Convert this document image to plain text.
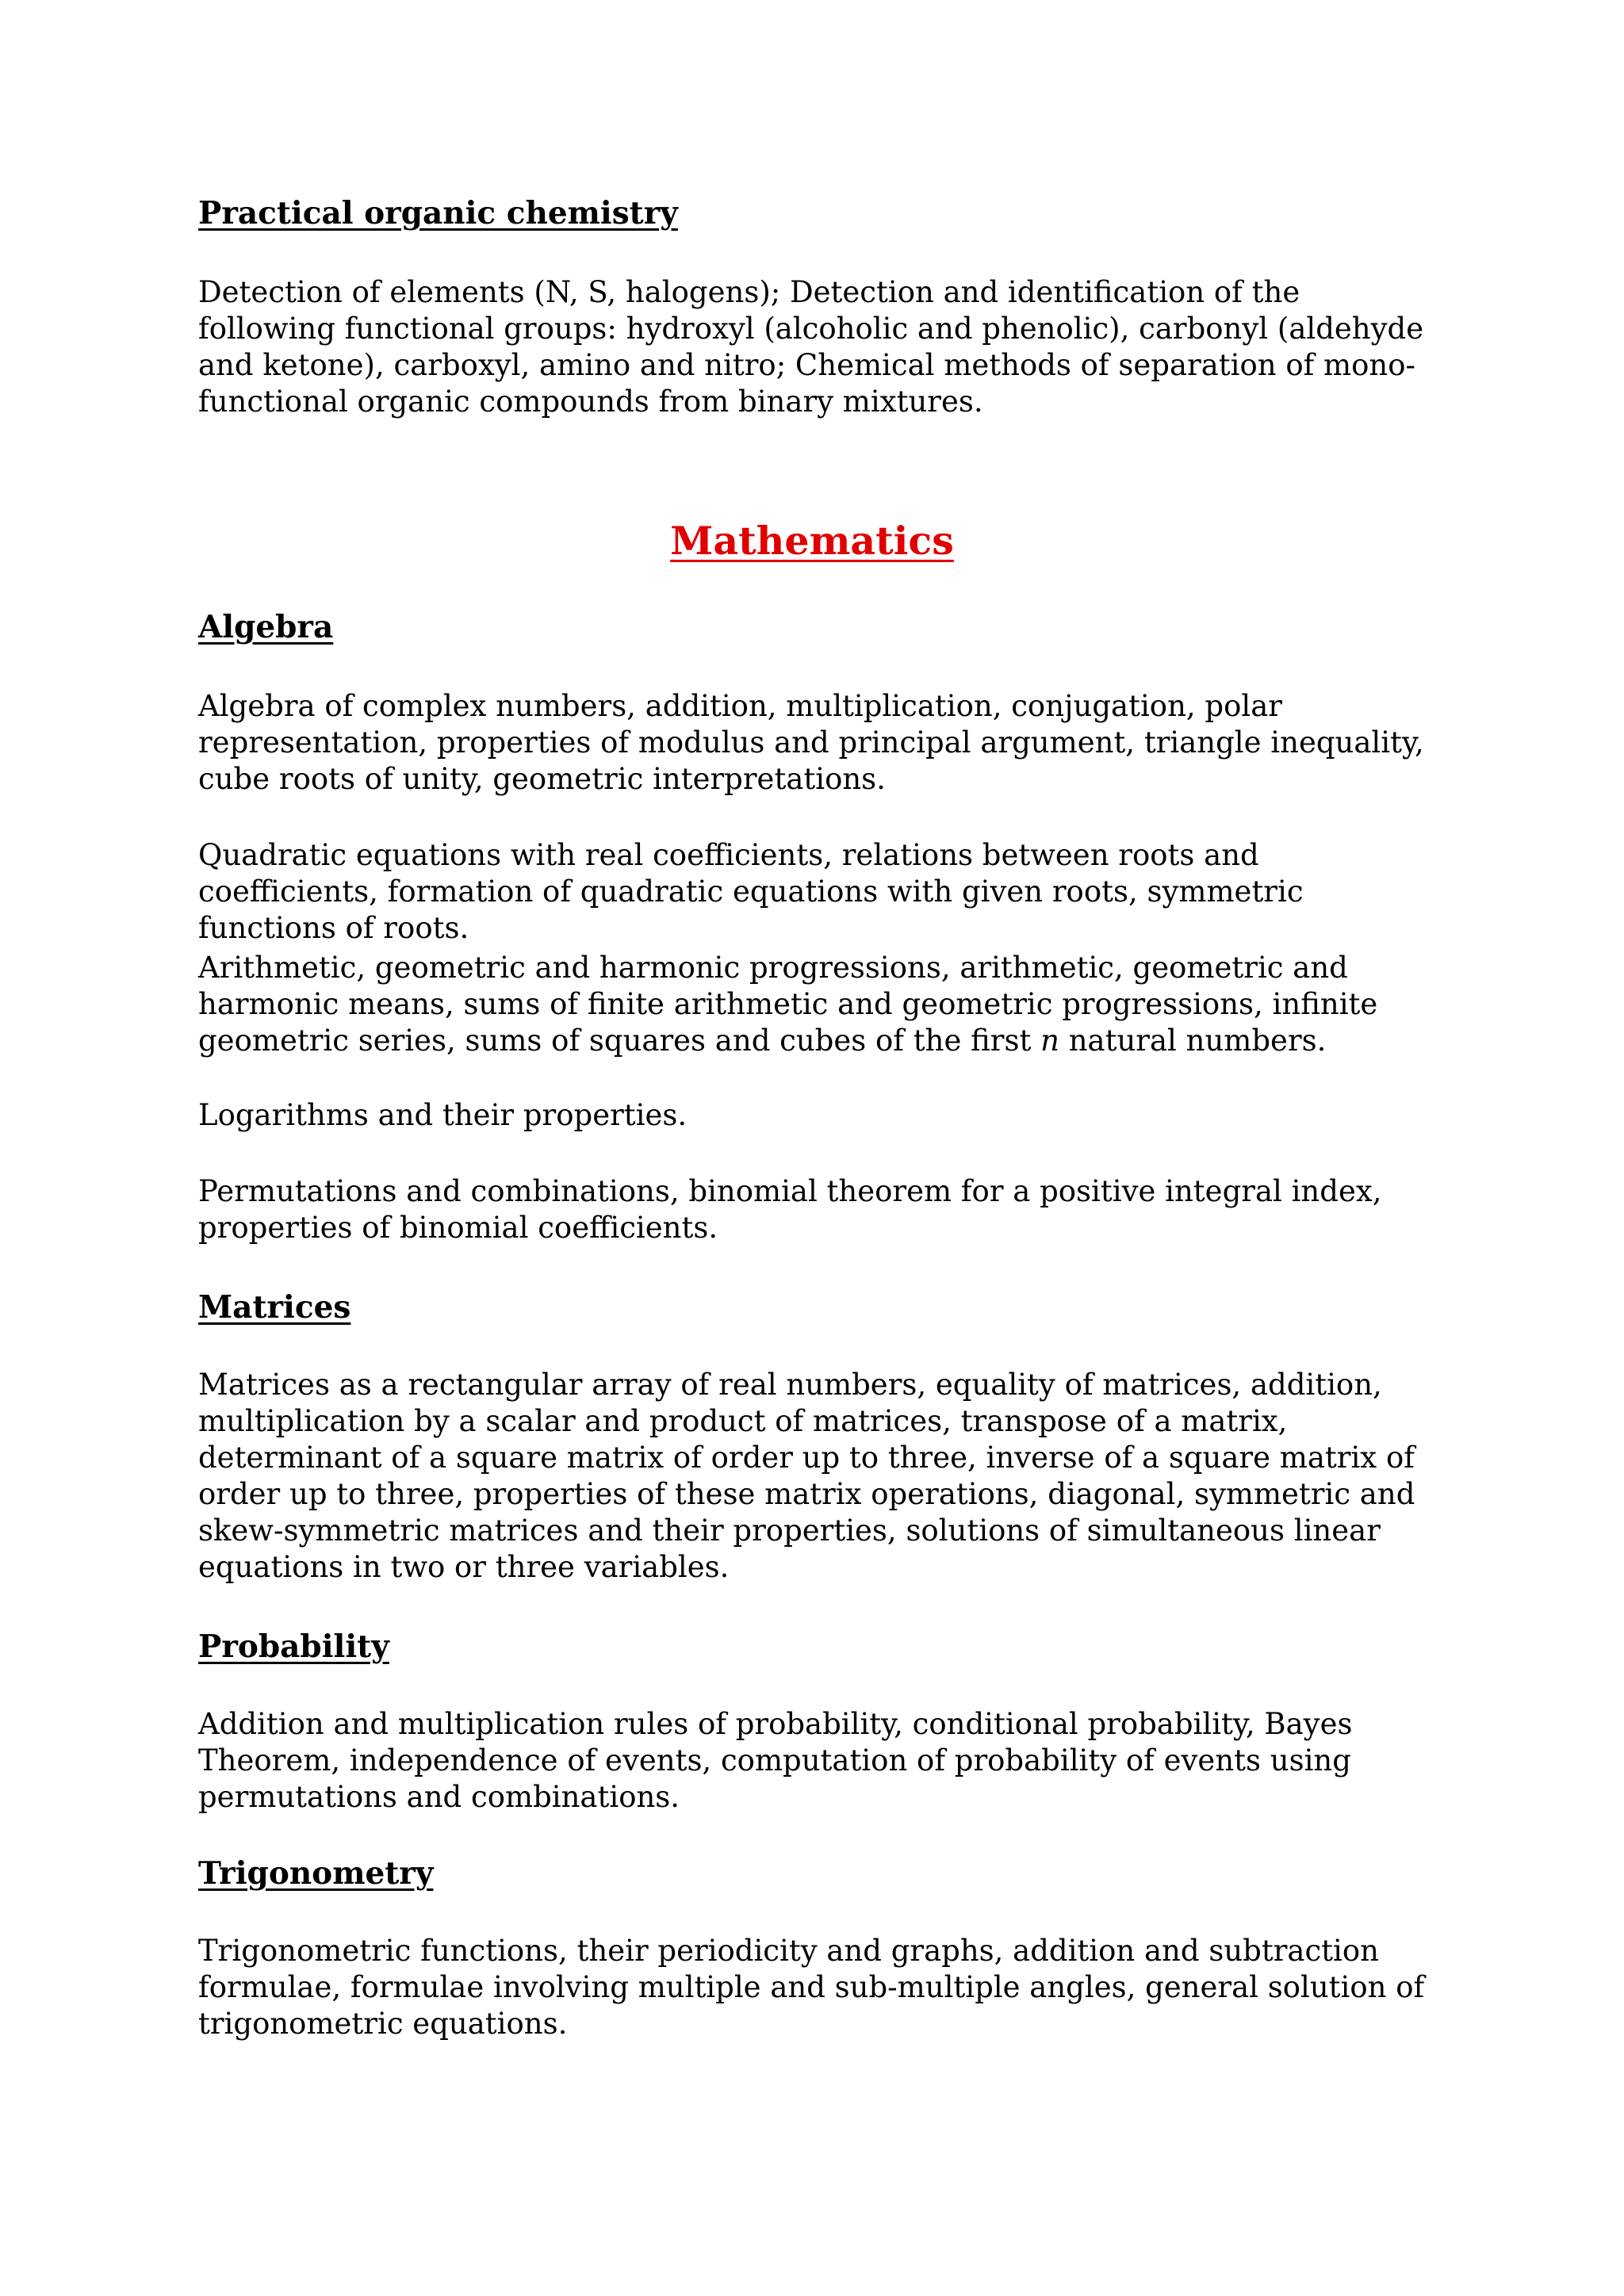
Practical organic chemistry

Detection of elements (N, S, halogens); Detection and identification of the following functional groups: hydroxyl (alcoholic and phenolic), carbonyl (aldehyde and ketone), carboxyl, amino and nitro; Chemical methods of separation of mono-functional organic compounds from binary mixtures.

Mathematics

Algebra

Algebra of complex numbers, addition, multiplication, conjugation, polar representation, properties of modulus and principal argument, triangle inequality, cube roots of unity, geometric interpretations.

Quadratic equations with real coefficients, relations between roots and coefficients, formation of quadratic equations with given roots, symmetric functions of roots.

Arithmetic, geometric and harmonic progressions, arithmetic, geometric and harmonic means, sums of finite arithmetic and geometric progressions, infinite geometric series, sums of squares and cubes of the first n natural numbers.

Logarithms and their properties.

Permutations and combinations, binomial theorem for a positive integral index, properties of binomial coefficients.

Matrices

Matrices as a rectangular array of real numbers, equality of matrices, addition, multiplication by a scalar and product of matrices, transpose of a matrix, determinant of a square matrix of order up to three, inverse of a square matrix of order up to three, properties of these matrix operations, diagonal, symmetric and skew-symmetric matrices and their properties, solutions of simultaneous linear equations in two or three variables.

Probability

Addition and multiplication rules of probability, conditional probability, Bayes Theorem, independence of events, computation of probability of events using permutations and combinations.

Trigonometry

Trigonometric functions, their periodicity and graphs, addition and subtraction formulae, formulae involving multiple and sub-multiple angles, general solution of trigonometric equations.
